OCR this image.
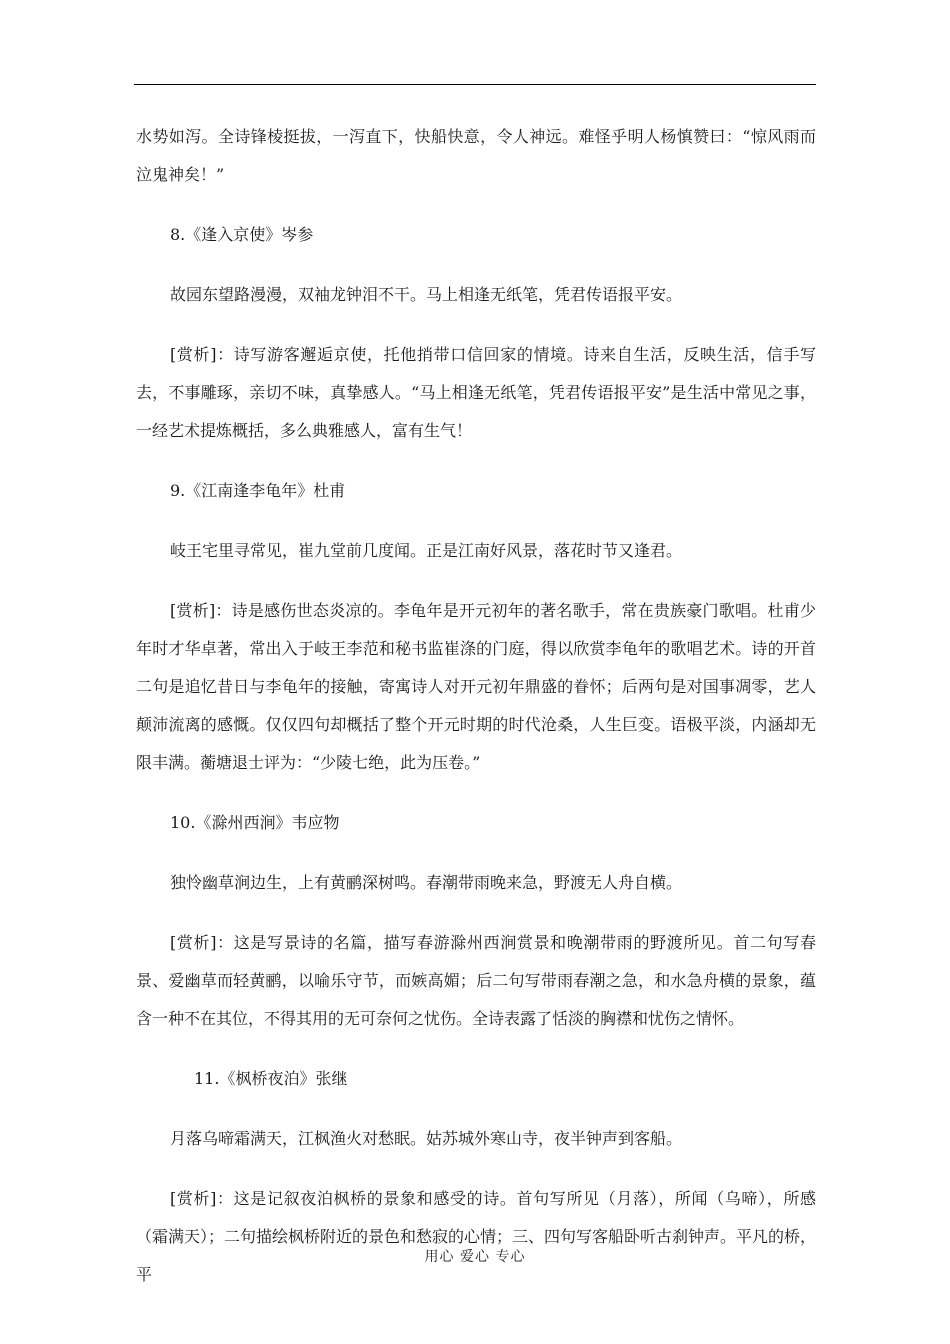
水势如泻。全诗锋棱挺拔，一泻直下，快船快意，令人神远。难怪乎明人杨慎赞曰：“惊风雨而泣鬼神矣！”

8.《逢入京使》岑参

故园东望路漫漫，双袖龙钟泪不干。马上相逢无纸笔，凭君传语报平安。

[赏析]：诗写游客邂逅京使，托他捎带口信回家的情境。诗来自生活，反映生活，信手写去，不事雕琢，亲切不味，真挚感人。“马上相逢无纸笔，凭君传语报平安”是生活中常见之事，一经艺术提炼概括，多么典雅感人，富有生气！

9.《江南逢李龟年》杜甫

岐王宅里寻常见，崔九堂前几度闻。正是江南好风景，落花时节又逢君。

[赏析]：诗是感伤世态炎凉的。李龟年是开元初年的著名歌手，常在贵族豪门歌唱。杜甫少年时才华卓著，常出入于岐王李范和秘书监崔涤的门庭，得以欣赏李龟年的歌唱艺术。诗的开首二句是追忆昔日与李龟年的接触，寄寓诗人对开元初年鼎盛的眷怀；后两句是对国事凋零，艺人颠沛流离的感慨。仅仅四句却概括了整个开元时期的时代沧桑，人生巨变。语极平淡，内涵却无限丰满。蘅塘退士评为：“少陵七绝，此为压卷。”

10.《滁州西涧》韦应物

独怜幽草涧边生，上有黄鹂深树鸣。春潮带雨晚来急，野渡无人舟自横。

[赏析]：这是写景诗的名篇，描写春游滁州西涧赏景和晚潮带雨的野渡所见。首二句写春景、爱幽草而轻黄鹂，以喻乐守节，而嫉高媚；后二句写带雨春潮之急，和水急舟横的景象，蕴含一种不在其位，不得其用的无可奈何之忧伤。全诗表露了恬淡的胸襟和忧伤之情怀。

11.《枫桥夜泊》张继

月落乌啼霜满天，江枫渔火对愁眠。姑苏城外寒山寺，夜半钟声到客船。

[赏析]：这是记叙夜泊枫桥的景象和感受的诗。首句写所见（月落），所闻（乌啼），所感（霜满天）；二句描绘枫桥附近的景色和愁寂的心情；三、四句写客船卧听古刹钟声。平凡的桥，平

用心 爱心 专心
